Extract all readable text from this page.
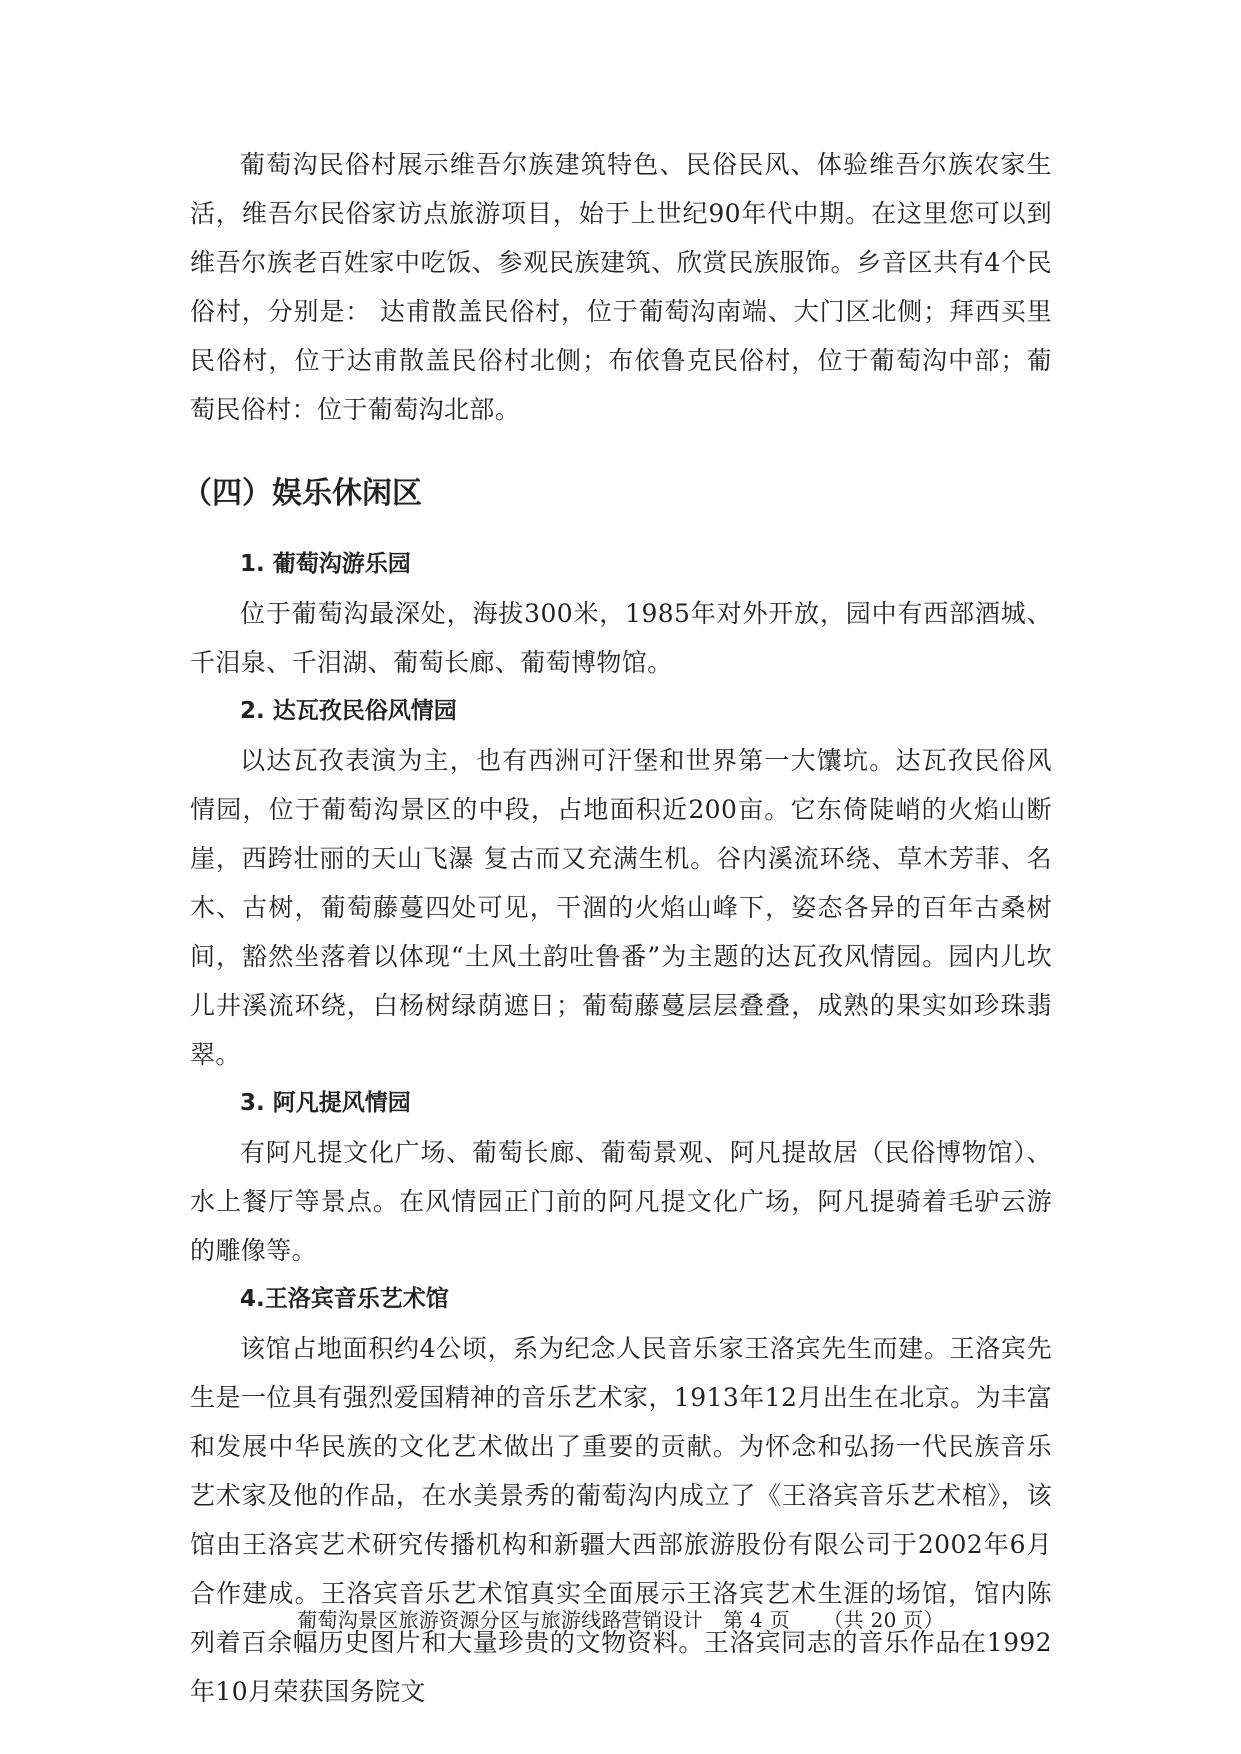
葡萄沟民俗村展示维吾尔族建筑特色、民俗民风、体验维吾尔族农家生活，维吾尔民俗家访点旅游项目，始于上世纪90年代中期。在这里您可以到维吾尔族老百姓家中吃饭、参观民族建筑、欣赏民族服饰。乡音区共有4个民俗村，分别是： 达甫散盖民俗村，位于葡萄沟南端、大门区北侧；拜西买里民俗村，位于达甫散盖民俗村北侧；布依鲁克民俗村，位于葡萄沟中部；葡萄民俗村：位于葡萄沟北部。

（四）娱乐休闲区
1. 葡萄沟游乐园

位于葡萄沟最深处，海拔300米，1985年对外开放，园中有西部酒城、千泪泉、千泪湖、葡萄长廊、葡萄博物馆。

2. 达瓦孜民俗风情园

以达瓦孜表演为主，也有西洲可汗堡和世界第一大馕坑。达瓦孜民俗风情园，位于葡萄沟景区的中段，占地面积近200亩。它东倚陡峭的火焰山断崖，西跨壮丽的天山飞瀑 复古而又充满生机。谷内溪流环绕、草木芳菲、名木、古树，葡萄藤蔓四处可见，干涸的火焰山峰下，姿态各异的百年古桑树间，豁然坐落着以体现“土风土韵吐鲁番”为主题的达瓦孜风情园。园内儿坎儿井溪流环绕，白杨树绿荫遮日；葡萄藤蔓层层叠叠，成熟的果实如珍珠翡翠。

3. 阿凡提风情园

有阿凡提文化广场、葡萄长廊、葡萄景观、阿凡提故居（民俗博物馆）、水上餐厅等景点。在风情园正门前的阿凡提文化广场，阿凡提骑着毛驴云游的雕像等。

4.王洛宾音乐艺术馆

该馆占地面积约4公顷，系为纪念人民音乐家王洛宾先生而建。王洛宾先生是一位具有强烈爱国精神的音乐艺术家，1913年12月出生在北京。为丰富和发展中华民族的文化艺术做出了重要的贡献。为怀念和弘扬一代民族音乐艺术家及他的作品，在水美景秀的葡萄沟内成立了《王洛宾音乐艺术棺》，该馆由王洛宾艺术研究传播机构和新疆大西部旅游股份有限公司于2002年6月合作建成。王洛宾音乐艺术馆真实全面展示王洛宾艺术生涯的场馆，馆内陈列着百余幅历史图片和大量珍贵的文物资料。王洛宾同志的音乐作品在1992年10月荣获国务院文

葡萄沟景区旅游资源分区与旅游线路营销设计 第 4 页 （共 20 页）
